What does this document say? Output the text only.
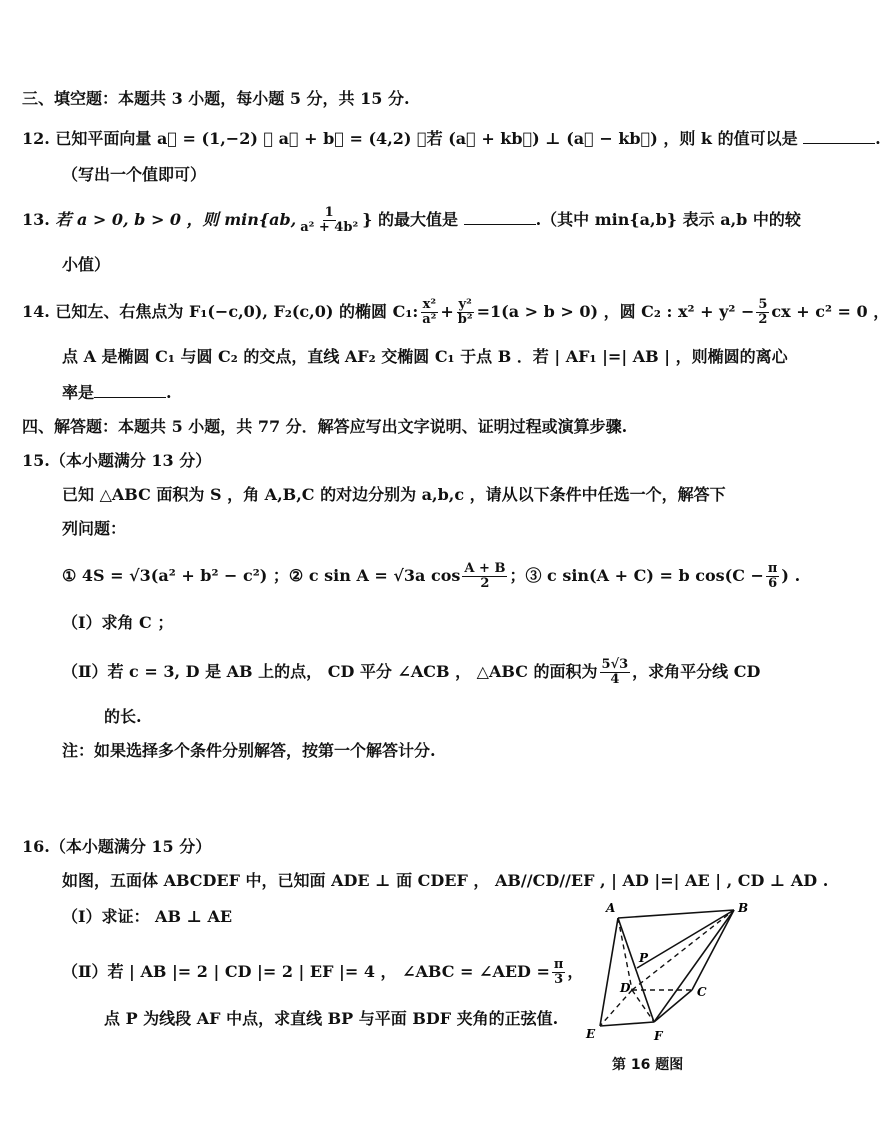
三、填空题：本题共 3 小题，每小题 5 分，共 15 分.
12. 已知平面向量 a⃗ = (1,−2) ， a⃗ + b⃗ = (4,2) ，若 (a⃗ + kb⃗) ⊥ (a⃗ − kb⃗) ，则 k 的值可以是	.
（写出一个值即可）
13. 若 a > 0, b > 0 ，则 min{ab, $\frac{1}{\text{a² + 4b²}}$ } 的最大值是	.（其中 min{a,b} 表示 a,b 中的较
小值）
14. 已知左、右焦点为 F₁(−c,0), F₂(c,0) 的椭圆 C₁: $\frac{\text{x²}}{\text{a²}} + \frac{\text{y²}}{\text{b²}} =1(a > b > 0)$ ，圆 C₂ : $x^2 + y^2 - \frac{5}{2}$ cx + c² = 0 ，
点 A 是椭圆 C₁ 与圆 C₂ 的交点，直线 AF₂ 交椭圆 C₁ 于点 B ．若 | AF₁ |=| AB | ，则椭圆的离心
率是	.
四、解答题：本题共 5 小题，共 77 分．解答应写出文字说明、证明过程或演算步骤.
15.（本小题满分 13 分）
已知 △ABC 面积为 S ，角 A,B,C 的对边分别为 a,b,c ，请从以下条件中任选一个，解答下
列问题：
① 4S = √3(a² + b² − c²) ；② c sin A = √3a $\cos \frac{A + B}{2}$ ；③ c sin(A + C) = b $\cos(C - \frac{\pi}{6}$ ) .
（Ⅰ）求角 C ；
（Ⅱ）若 c = 3, D 是 AB 上的点， CD 平分 ∠ACB ， △ABC 的面积为 $\frac{5√3}{4}$ ，求角平分线 CD
的长.
注：如果选择多个条件分别解答，按第一个解答计分.
16.（本小题满分 15 分）
如图，五面体 ABCDEF 中，已知面 ADE ⊥ 面 CDEF ， AB//CD//EF , | AD |=| AE | , CD ⊥ AD .
（Ⅰ）求证： AB ⊥ AE
（Ⅱ）若 | AB |= 2 | CD |= 2 | EF |= 4 ， ∠ABC = ∠AED = $\frac{\pi}{3}$ ，
点 P 为线段 AF 中点，求直线 BP 与平面 BDF 夹角的正弦值.
A	B
P
D	C
E	F
第 16 题图
